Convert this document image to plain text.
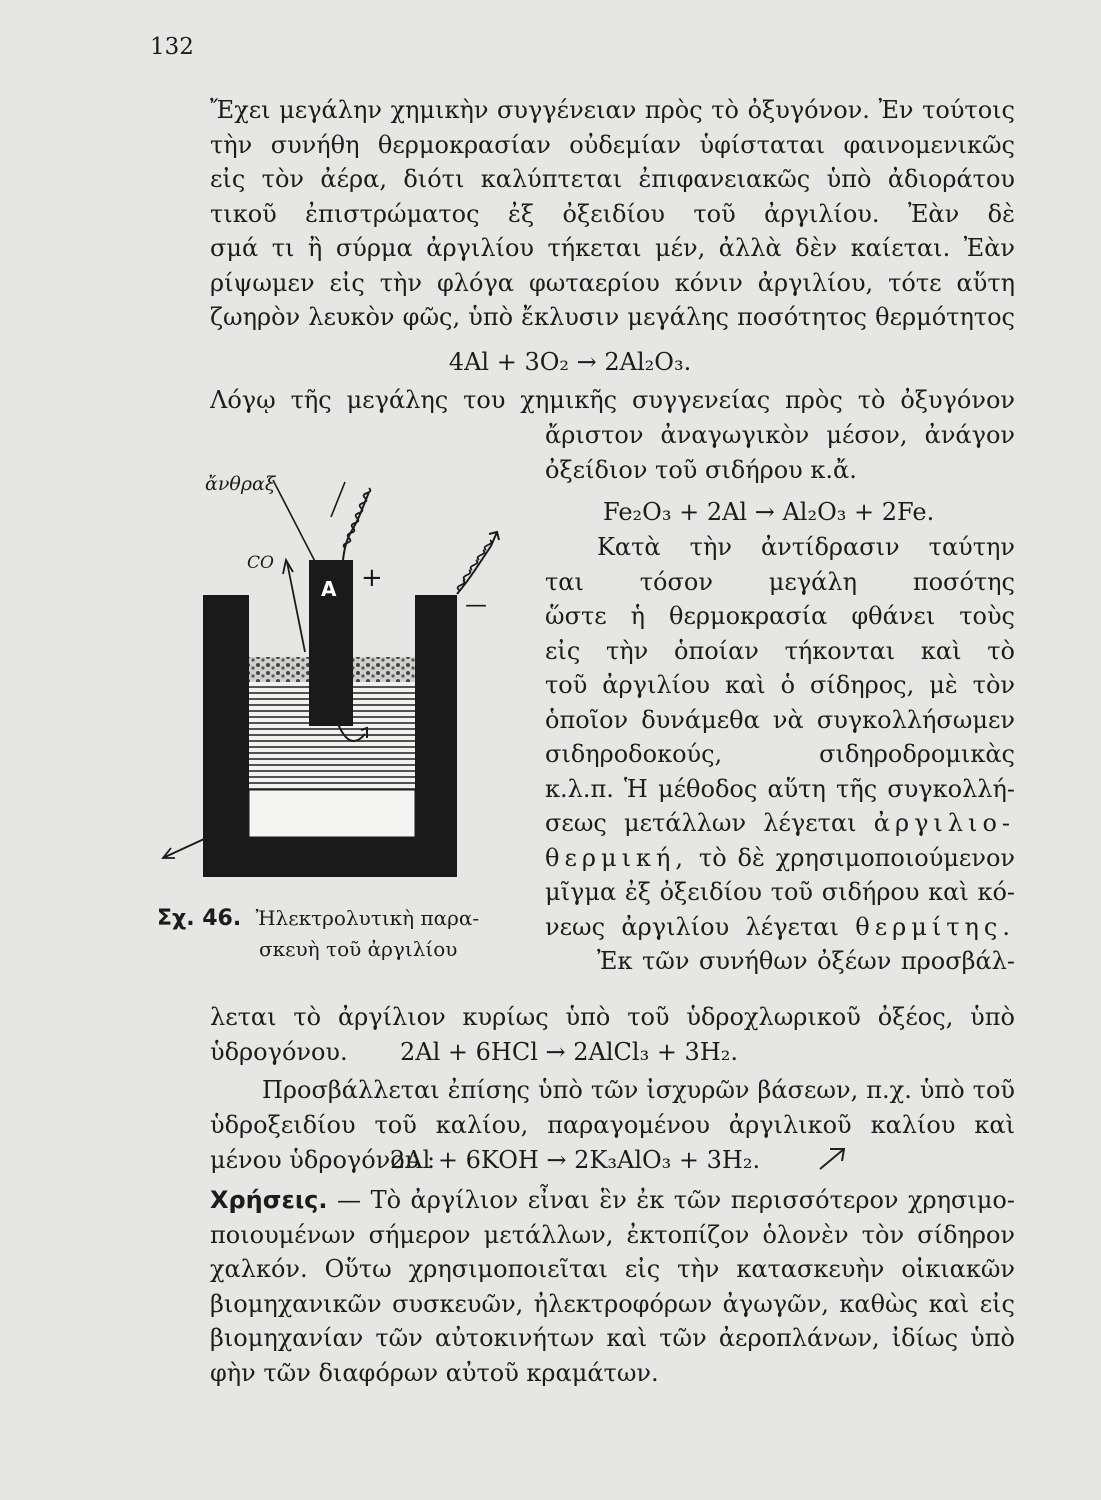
132
Ἔχει μεγάλην χημικὴν συγγένειαν πρὸς τὸ ὀξυγόνον. Ἐν τούτοις
τὴν συνήθη θερμοκρασίαν οὐδεμίαν ὑφίσταται φαινομενικῶς
εἰς τὸν ἀέρα, διότι καλύπτεται ἐπιφανειακῶς ὑπὸ ἀδιοράτου
τικοῦ ἐπιστρώματος ἐξ ὀξειδίου τοῦ ἀργιλίου. Ἐὰν δὲ
σμά τι ἢ σύρμα ἀργιλίου τήκεται μέν, ἀλλὰ δὲν καίεται. Ἐὰν
ρίψωμεν εἰς τὴν φλόγα φωταερίου κόνιν ἀργιλίου, τότε αὕτη
ζωηρὸν λευκὸν φῶς, ὑπὸ ἔκλυσιν μεγάλης ποσότητος θερμότητος
4Al + 3O₂ → 2Al₂O₃.
Λόγῳ τῆς μεγάλης του χημικῆς συγγενείας πρὸς τὸ ὀξυγόνον
ἄριστον ἀναγωγικὸν μέσον, ἀνάγον
ὀξείδιον τοῦ σιδήρου κ.ἄ.
Fe₂O₃ + 2Al → Al₂O₃ + 2Fe.
Κατὰ τὴν ἀντίδρασιν ταύτην
ται τόσον μεγάλη ποσότης
ὥστε ἡ θερμοκρασία φθάνει τοὺς
εἰς τὴν ὁποίαν τήκονται καὶ τὸ
τοῦ ἀργιλίου καὶ ὁ σίδηρος, μὲ τὸν
ὁποῖον δυνάμεθα νὰ συγκολλήσωμεν
σιδηροδοκούς, σιδηροδρομικὰς
κ.λ.π. Ἡ μέθοδος αὕτη τῆς συγκολλή-
σεως μετάλλων λέγεται ἀργιλιο-
θερμική, τὸ δὲ χρησιμοποιούμενον
μῖγμα ἐξ ὀξειδίου τοῦ σιδήρου καὶ κό-
νεως ἀργιλίου λέγεται θερμίτης.
Ἐκ τῶν συνήθων ὀξέων προσβάλ-
λεται τὸ ἀργίλιον κυρίως ὑπὸ τοῦ ὑδροχλωρικοῦ ὀξέος, ὑπὸ
ὑδρογόνου. 2Al + 6HCl → 2AlCl₃ + 3H₂.
Προσβάλλεται ἐπίσης ὑπὸ τῶν ἰσχυρῶν βάσεων, π.χ. ὑπὸ τοῦ
ὑδροξειδίου τοῦ καλίου, παραγομένου ἀργιλικοῦ καλίου καὶ
μένου ὑδρογόνου :
2Al + 6KOH → 2K₃AlO₃ + 3H₂.
Χρήσεις. — Τὸ ἀργίλιον εἶναι ἓν ἐκ τῶν περισσότερον χρησιμο-
ποιουμένων σήμερον μετάλλων, ἐκτοπίζον ὁλονὲν τὸν σίδηρον
χαλκόν. Οὕτω χρησιμοποιεῖται εἰς τὴν κατασκευὴν οἰκιακῶν
βιομηχανικῶν συσκευῶν, ἠλεκτροφόρων ἀγωγῶν, καθὼς καὶ εἰς
βιομηχανίαν τῶν αὐτοκινήτων καὶ τῶν ἀεροπλάνων, ἰδίως ὑπὸ
φὴν τῶν διαφόρων αὐτοῦ κραμάτων.
A
ἄνθραξ
CO	+
—
Σχ. 46. Ἠλεκτρολυτικὴ παρα-
σκευὴ τοῦ ἀργιλίου
